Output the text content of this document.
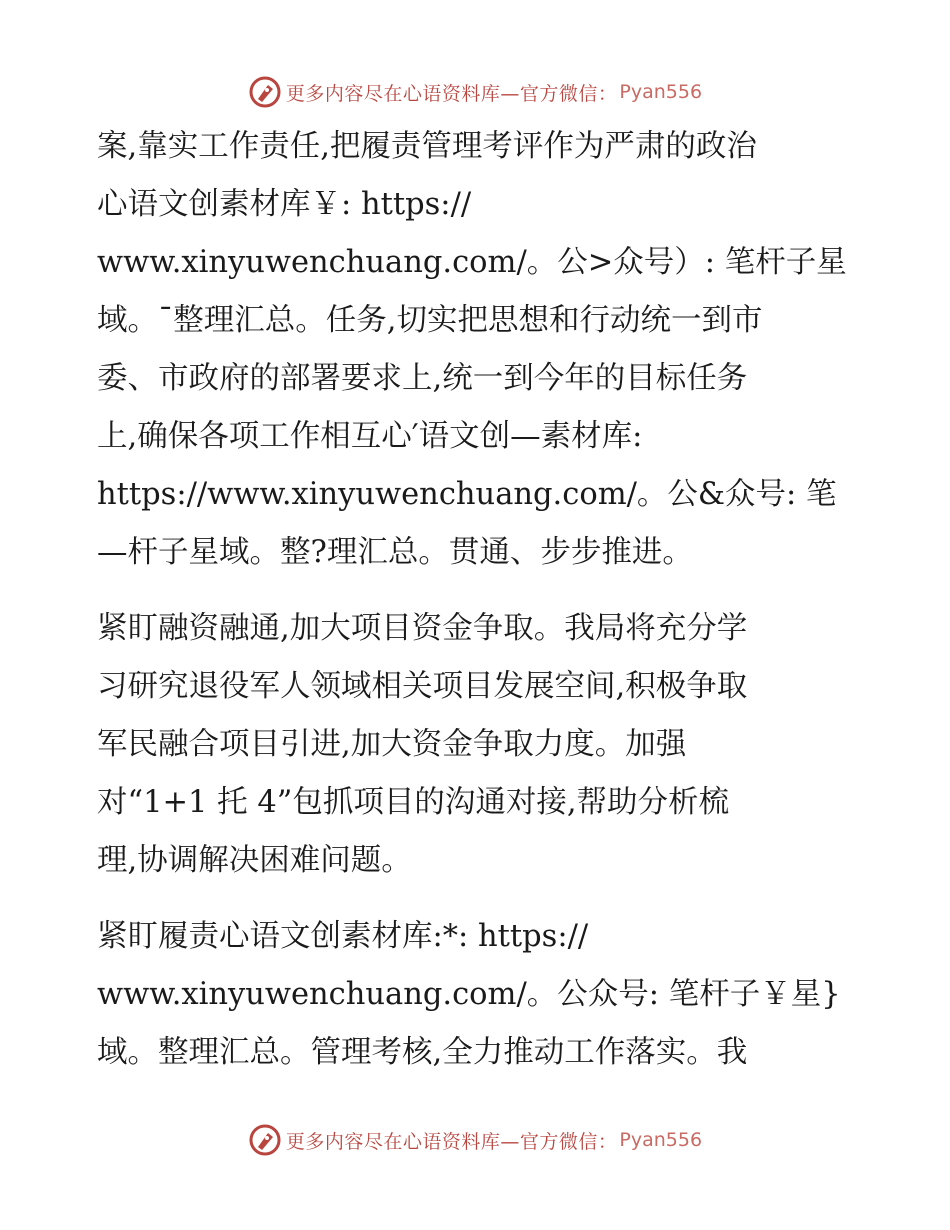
更多内容尽在心语资料库—官方微信： Pyan556
案,靠实工作责任,把履责管理考评作为严肃的政治
心语文创素材库￥: https://
www.xinyuwenchuang.com/。公>众号）: 笔杆子星
域。¯整理汇总。任务,切实把思想和行动统一到市
委、市政府的部署要求上,统一到今年的目标任务
上,确保各项工作相互心′语文创—素材库:
https://www.xinyuwenchuang.com/。公&众号: 笔
—杆子星域。整?理汇总。贯通、步步推进。
紧盯融资融通,加大项目资金争取。我局将充分学
习研究退役军人领域相关项目发展空间,积极争取
军民融合项目引进,加大资金争取力度。加强
对“1+1 托 4”包抓项目的沟通对接,帮助分析梳
理,协调解决困难问题。
紧盯履责心语文创素材库:*: https://
www.xinyuwenchuang.com/。公众号: 笔杆子￥星}
域。整理汇总。管理考核,全力推动工作落实。我
更多内容尽在心语资料库—官方微信： Pyan556
